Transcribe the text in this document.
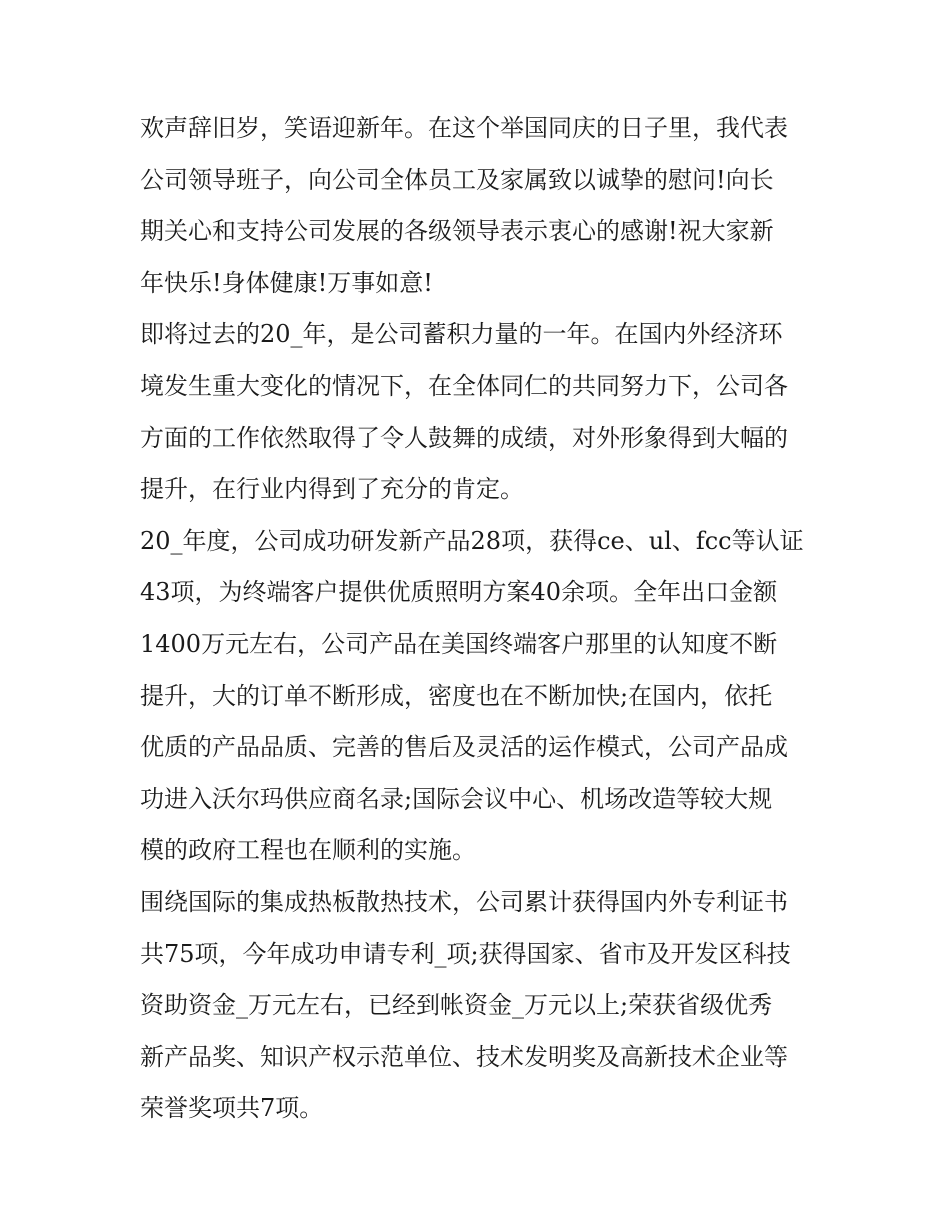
欢声辞旧岁，笑语迎新年。在这个举国同庆的日子里，我代表
公司领导班子，向公司全体员工及家属致以诚挚的慰问!向长
期关心和支持公司发展的各级领导表示衷心的感谢!祝大家新
年快乐!身体健康!万事如意!

即将过去的20_年，是公司蓄积力量的一年。在国内外经济环
境发生重大变化的情况下，在全体同仁的共同努力下，公司各
方面的工作依然取得了令人鼓舞的成绩，对外形象得到大幅的
提升，在行业内得到了充分的肯定。

20_年度，公司成功研发新产品28项，获得ce、ul、fcc等认证
43项，为终端客户提供优质照明方案40余项。全年出口金额
1400万元左右，公司产品在美国终端客户那里的认知度不断
提升，大的订单不断形成，密度也在不断加快;在国内，依托
优质的产品品质、完善的售后及灵活的运作模式，公司产品成
功进入沃尔玛供应商名录;国际会议中心、机场改造等较大规
模的政府工程也在顺利的实施。

围绕国际的集成热板散热技术，公司累计获得国内外专利证书
共75项，今年成功申请专利_项;获得国家、省市及开发区科技
资助资金_万元左右，已经到帐资金_万元以上;荣获省级优秀
新产品奖、知识产权示范单位、技术发明奖及高新技术企业等
荣誉奖项共7项。
